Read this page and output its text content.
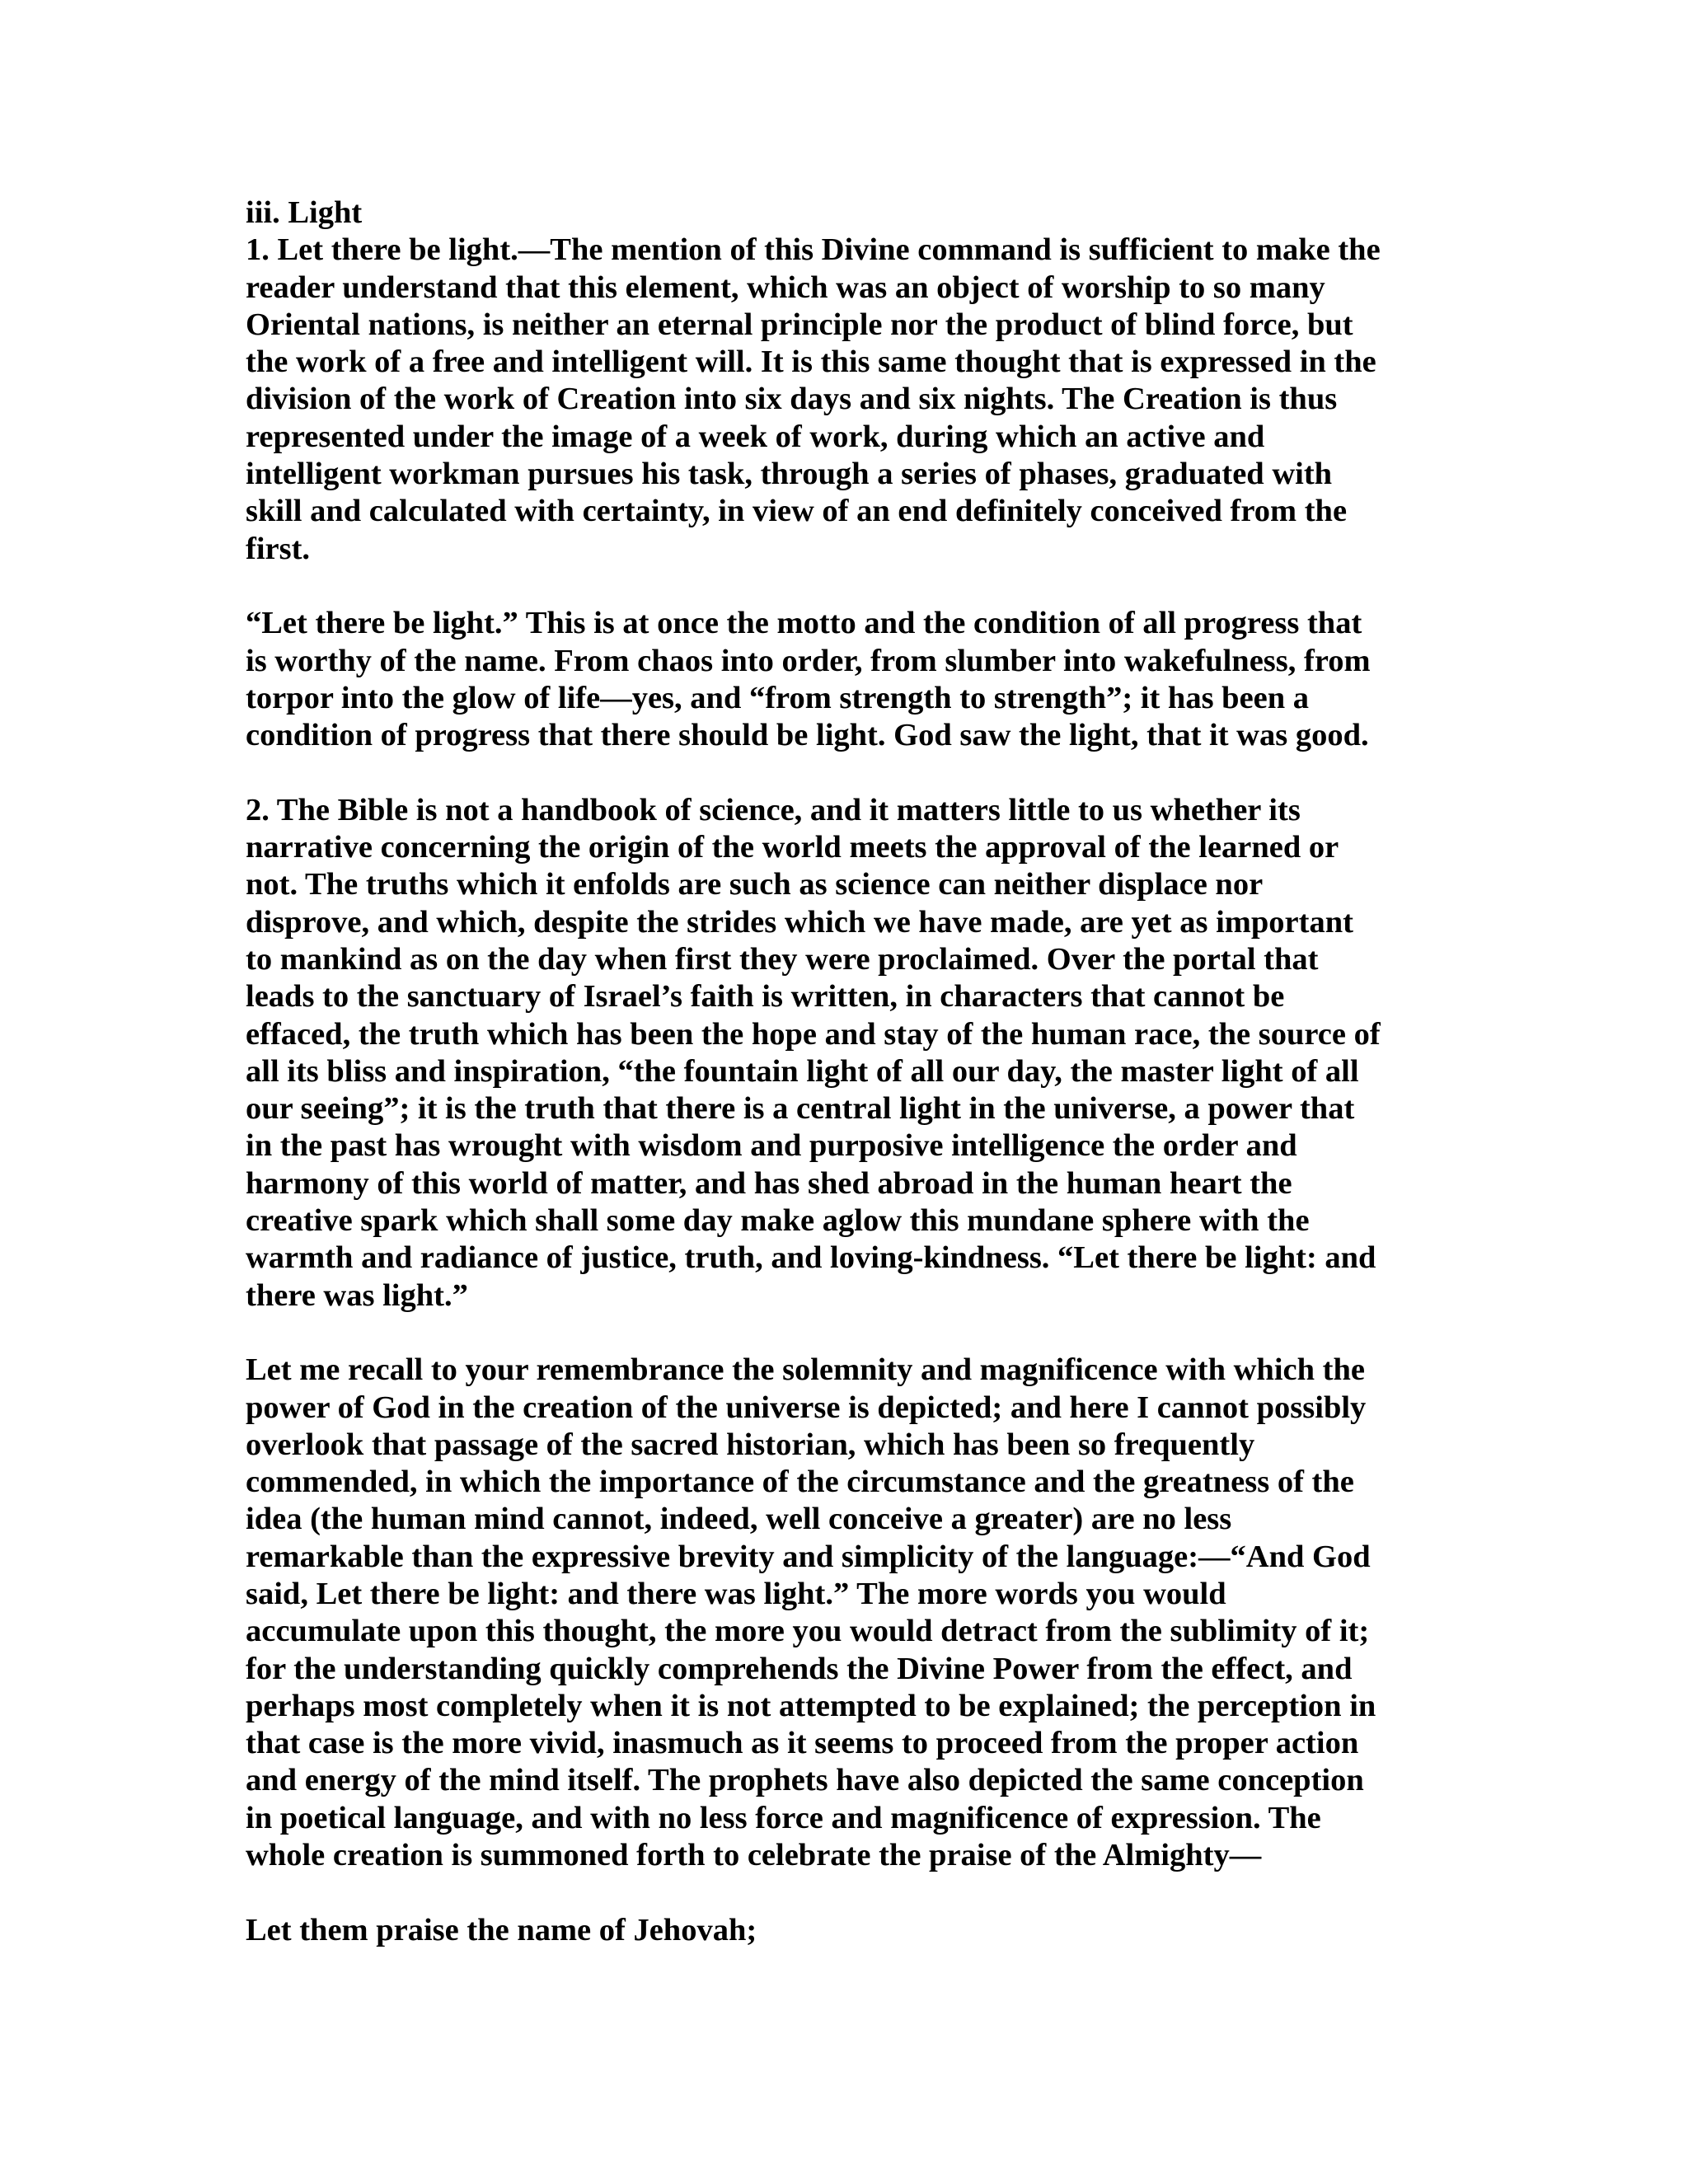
iii. Light
1. Let there be light.—The mention of this Divine command is sufficient to make the
reader understand that this element, which was an object of worship to so many
Oriental nations, is neither an eternal principle nor the product of blind force, but
the work of a free and intelligent will. It is this same thought that is expressed in the
division of the work of Creation into six days and six nights. The Creation is thus
represented under the image of a week of work, during which an active and
intelligent workman pursues his task, through a series of phases, graduated with
skill and calculated with certainty, in view of an end definitely conceived from the
first.
“Let there be light.” This is at once the motto and the condition of all progress that
is worthy of the name. From chaos into order, from slumber into wakefulness, from
torpor into the glow of life—yes, and “from strength to strength”; it has been a
condition of progress that there should be light. God saw the light, that it was good.
2. The Bible is not a handbook of science, and it matters little to us whether its
narrative concerning the origin of the world meets the approval of the learned or
not. The truths which it enfolds are such as science can neither displace nor
disprove, and which, despite the strides which we have made, are yet as important
to mankind as on the day when first they were proclaimed. Over the portal that
leads to the sanctuary of Israel’s faith is written, in characters that cannot be
effaced, the truth which has been the hope and stay of the human race, the source of
all its bliss and inspiration, “the fountain light of all our day, the master light of all
our seeing”; it is the truth that there is a central light in the universe, a power that
in the past has wrought with wisdom and purposive intelligence the order and
harmony of this world of matter, and has shed abroad in the human heart the
creative spark which shall some day make aglow this mundane sphere with the
warmth and radiance of justice, truth, and loving-kindness. “Let there be light: and
there was light.”
Let me recall to your remembrance the solemnity and magnificence with which the
power of God in the creation of the universe is depicted; and here I cannot possibly
overlook that passage of the sacred historian, which has been so frequently
commended, in which the importance of the circumstance and the greatness of the
idea (the human mind cannot, indeed, well conceive a greater) are no less
remarkable than the expressive brevity and simplicity of the language:—“And God
said, Let there be light: and there was light.” The more words you would
accumulate upon this thought, the more you would detract from the sublimity of it;
for the understanding quickly comprehends the Divine Power from the effect, and
perhaps most completely when it is not attempted to be explained; the perception in
that case is the more vivid, inasmuch as it seems to proceed from the proper action
and energy of the mind itself. The prophets have also depicted the same conception
in poetical language, and with no less force and magnificence of expression. The
whole creation is summoned forth to celebrate the praise of the Almighty—
Let them praise the name of Jehovah;
